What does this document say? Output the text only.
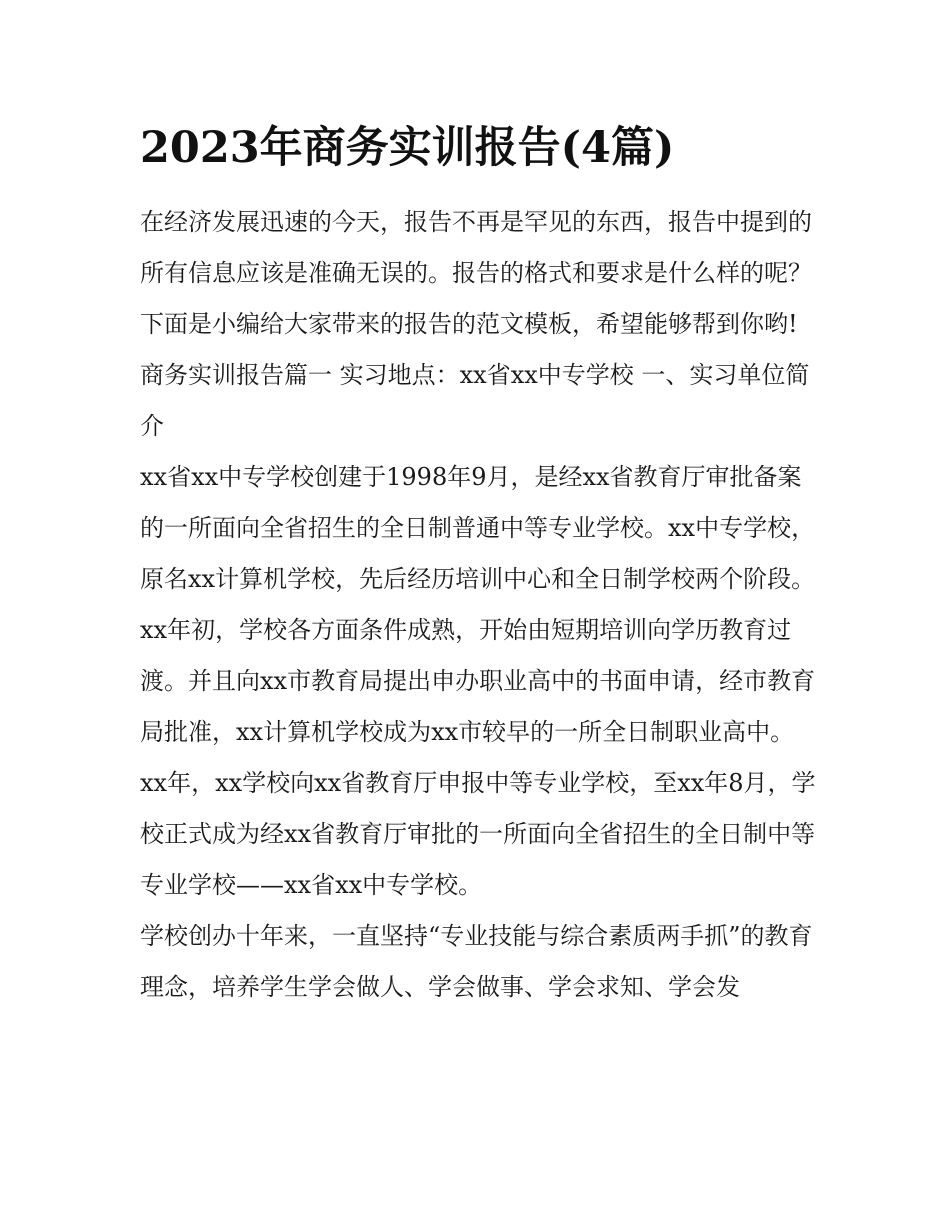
2023年商务实训报告(4篇)

在经济发展迅速的今天，报告不再是罕见的东西，报告中提到的所有信息应该是准确无误的。报告的格式和要求是什么样的呢？下面是小编给大家带来的报告的范文模板，希望能够帮到你哟!

商务实训报告篇一 实习地点：xx省xx中专学校 一、实习单位简介

xx省xx中专学校创建于1998年9月，是经xx省教育厅审批备案的一所面向全省招生的全日制普通中等专业学校。xx中专学校，原名xx计算机学校，先后经历培训中心和全日制学校两个阶段。xx年初，学校各方面条件成熟，开始由短期培训向学历教育过渡。并且向xx市教育局提出申办职业高中的书面申请，经市教育局批准，xx计算机学校成为xx市较早的一所全日制职业高中。

xx年，xx学校向xx省教育厅申报中等专业学校，至xx年8月，学校正式成为经xx省教育厅审批的一所面向全省招生的全日制中等专业学校——xx省xx中专学校。

学校创办十年来，一直坚持“专业技能与综合素质两手抓”的教育理念，培养学生学会做人、学会做事、学会求知、学会发
